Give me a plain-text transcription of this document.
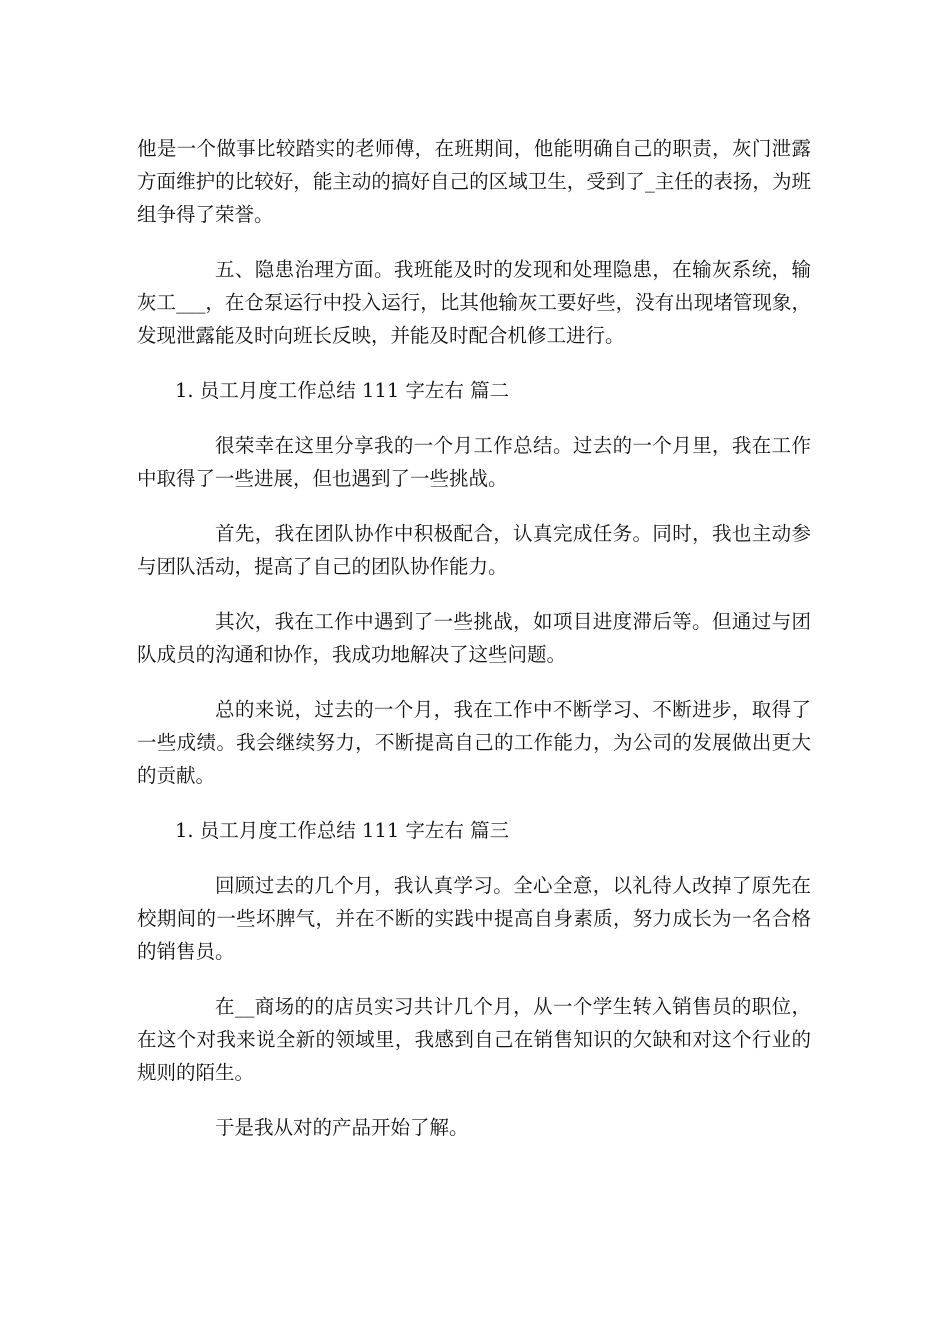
他是一个做事比较踏实的老师傅，在班期间，他能明确自己的职责，灰门泄露方面维护的比较好，能主动的搞好自己的区域卫生，受到了_主任的表扬，为班组争得了荣誉。

五、隐患治理方面。我班能及时的发现和处理隐患，在输灰系统，输灰工___，在仓泵运行中投入运行，比其他输灰工要好些，没有出现堵管现象，发现泄露能及时向班长反映，并能及时配合机修工进行。

1. 员工月度工作总结 111 字左右 篇二

很荣幸在这里分享我的一个月工作总结。过去的一个月里，我在工作中取得了一些进展，但也遇到了一些挑战。

首先，我在团队协作中积极配合，认真完成任务。同时，我也主动参与团队活动，提高了自己的团队协作能力。

其次，我在工作中遇到了一些挑战，如项目进度滞后等。但通过与团队成员的沟通和协作，我成功地解决了这些问题。

总的来说，过去的一个月，我在工作中不断学习、不断进步，取得了一些成绩。我会继续努力，不断提高自己的工作能力，为公司的发展做出更大的贡献。

1. 员工月度工作总结 111 字左右 篇三

回顾过去的几个月，我认真学习。全心全意，以礼待人改掉了原先在校期间的一些坏脾气，并在不断的实践中提高自身素质，努力成长为一名合格的销售员。

在__商场的的店员实习共计几个月，从一个学生转入销售员的职位，在这个对我来说全新的领域里，我感到自己在销售知识的欠缺和对这个行业的规则的陌生。

于是我从对的产品开始了解。
